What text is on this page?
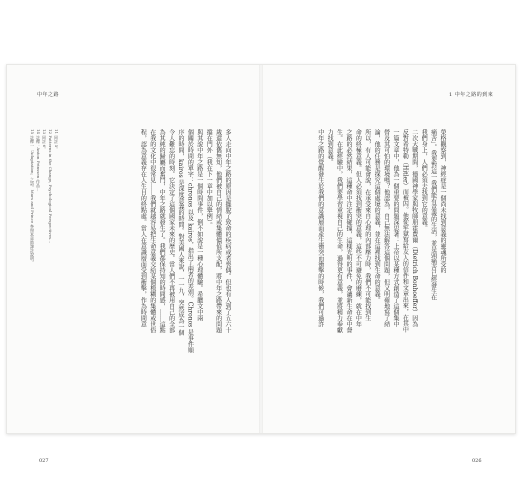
中年之路
多人走向中年之路的原因是擺脫了致命的疾病或者喪偶。但也有人到了五六十
歲還依舊無知，他們被自己的情結或集體價值所支配，將中年之路帶來的問題
擋在門外（我在下一章中加以舉例）。
與其說中年之路是一個時間事件，倒不如說是一種心理體驗。希臘文中兩
個關於時間的單字：chronos 以及 kairos，指出了兩者的差別。Chronos 是事件順
序的時間，kairos 是深度意義的時間。對美國人來說，一一九，突然成為一個
令人難忘的時刻。它決定了這個國家未來的歷史。當人們不再被用自己的全部
為其純的歸屬而奮鬥，中年之路就發生了。我們都保持知的時間感，……這點
在我的文化中很常見……我們就越容易把生命意義交給某個模糊的集體或世俗
程，認為意義存在人生目的終點處。當人在意識層面受到衝擊，作為時間意
11 同註 5。
12 Patterns in the Change, Psychological Perspectives…
13 同註 6。
14 註釋：Anton Prinssen 作品…
15 註釋一「Adaptation」之語。Mars and Prince 參照本章節譯註說明。
027
1 中年之路的到來
榮格觀察到，神經症是一個尚未找到意義的靈魂所受的
痛苦」。我要對這一我們能有意義的生活，並是頭痛苦已經發生在
我們身上，人們必須去找到它的意義。
二次大戰期間，德國神學家與牧師朋霍費爾（Dietrich Bonhoeffer）因為
反對希特勒（Hitler）而被囚。他從牢獄寫給友人的信件和文章出來，在其中
一篇文章中，他為一個重要的問題深思著：上帝以某種方式創造了這個集中
營及其可怕的環境嗎？他認為，自己無法解答這個問題，但又明確地寫了結
論，他的任務是探究這個處境的意義，並在這裡找到生命的意義。
所以，有人可能會說，在承受來自心理的內部壓力時，我們不可能找到生
命的終極意義。但人必須找到衝突的意義，這些不可避免的磨練，就在中年
之路的必然結果，這種命中注定的碰撞，這樣光明的事件，會讓新生命在中督
生。在此經驗中，我們要學習重視自己的生命，過得更有意義，並將精力奉獻
力找到意義。
中年之路的覺醒發生於我們的意識層面產生衝突而衝擊的時候，我們可過許
026
